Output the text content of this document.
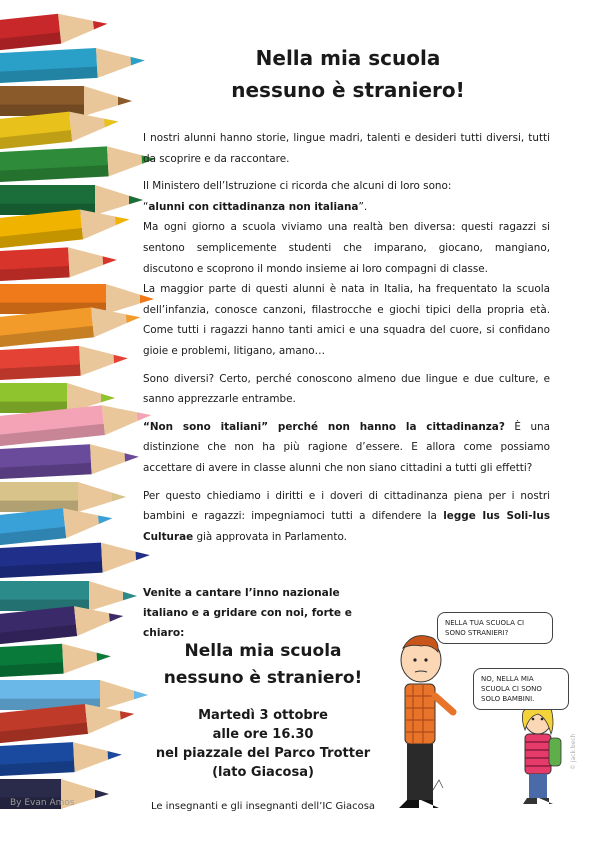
By Evan Amos
Nella mia scuola
nessuno è straniero!

I nostri alunni hanno storie, lingue madri, talenti e desideri tutti diversi, tutti da scoprire e da raccontare.

Il Ministero dell’Istruzione ci ricorda che alcuni di loro sono:

“alunni con cittadinanza non italiana”.

Ma ogni giorno a scuola viviamo una realtà ben diversa: questi ragazzi si sentono semplicemente studenti che imparano, giocano, mangiano, discutono e scoprono il mondo insieme ai loro compagni di classe.

La maggior parte di questi alunni è nata in Italia, ha frequentato la scuola dell’infanzia, conosce canzoni, filastrocche e giochi tipici della propria età. Come tutti i ragazzi hanno tanti amici e una squadra del cuore, si confidano gioie e problemi, litigano, amano…

Sono diversi? Certo, perché conoscono almeno due lingue e due culture, e sanno apprezzarle entrambe.

“Non sono italiani” perché non hanno la cittadinanza? È una distinzione che non ha più ragione d’essere. E allora come possiamo accettare di avere in classe alunni che non siano cittadini a tutti gli effetti?

Per questo chiediamo i diritti e i doveri di cittadinanza piena per i nostri bambini e ragazzi: impegniamoci tutti a difendere la legge Ius Soli-Ius Culturae già approvata in Parlamento.

Venite a cantare l’inno nazionale italiano e a gridare con noi, forte e chiaro:
Nella mia scuola
nessuno è straniero!
Martedì 3 ottobre
alle ore 16.30
nel piazzale del Parco Trotter
(lato Giacosa)
Le insegnanti e gli insegnanti dell’IC Giacosa
NELLA TUA SCUOLA CI SONO STRANIERI?
NO, NELLA MIA SCUOLA CI SONO SOLO BAMBINI.
© jack bech
